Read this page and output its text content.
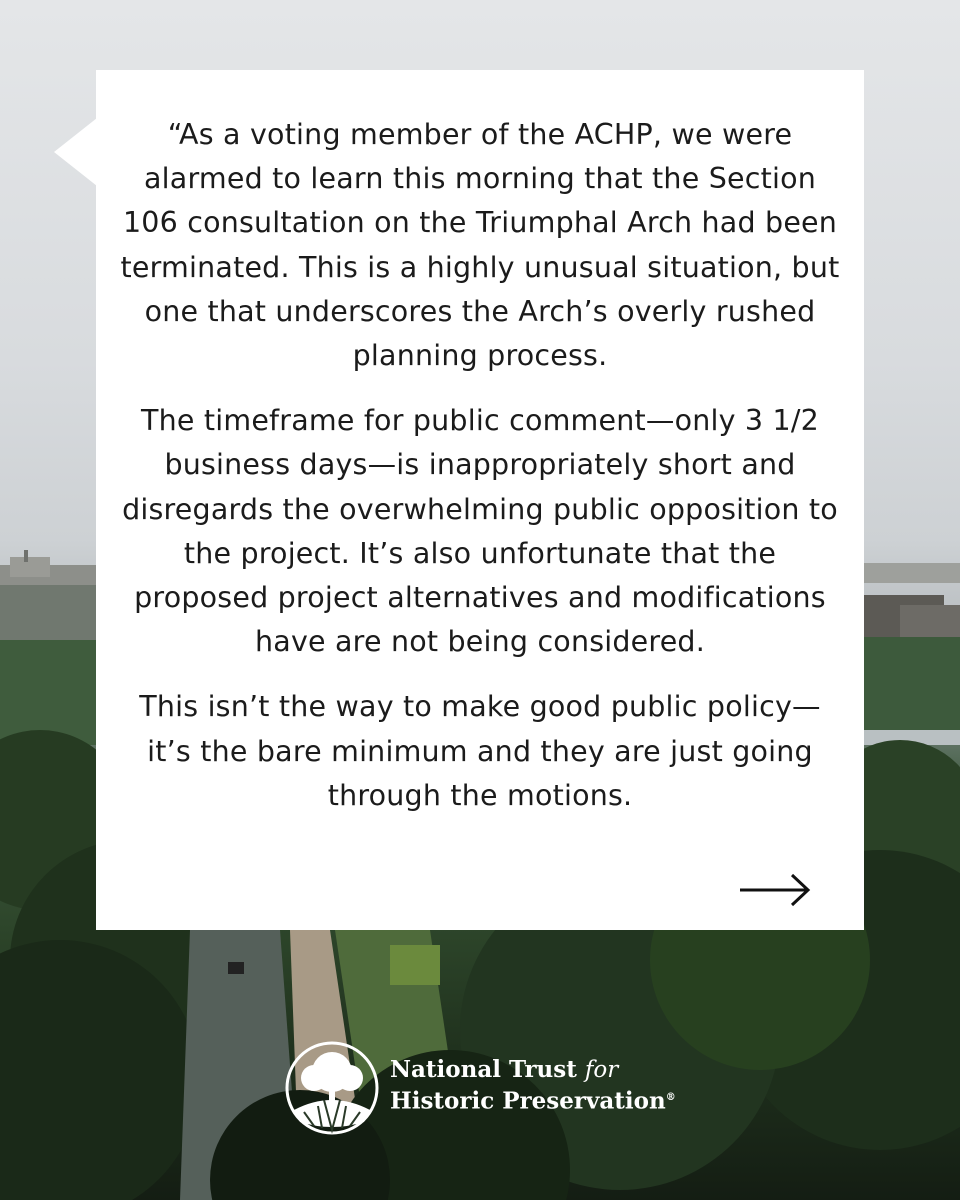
“As a voting member of the ACHP, we were alarmed to learn this morning that the Section 106 consultation on the Triumphal Arch had been terminated. This is a highly unusual situation, but one that underscores the Arch’s overly rushed planning process.

The timeframe for public comment—only 3 1/2 business days—is inappropriately short and disregards the overwhelming public opposition to the project. It’s also unfortunate that the proposed project alternatives and modifications have are not being considered.

This isn’t the way to make good public policy—it’s the bare minimum and they are just going through the motions.

National Trust for
Historic Preservation®
